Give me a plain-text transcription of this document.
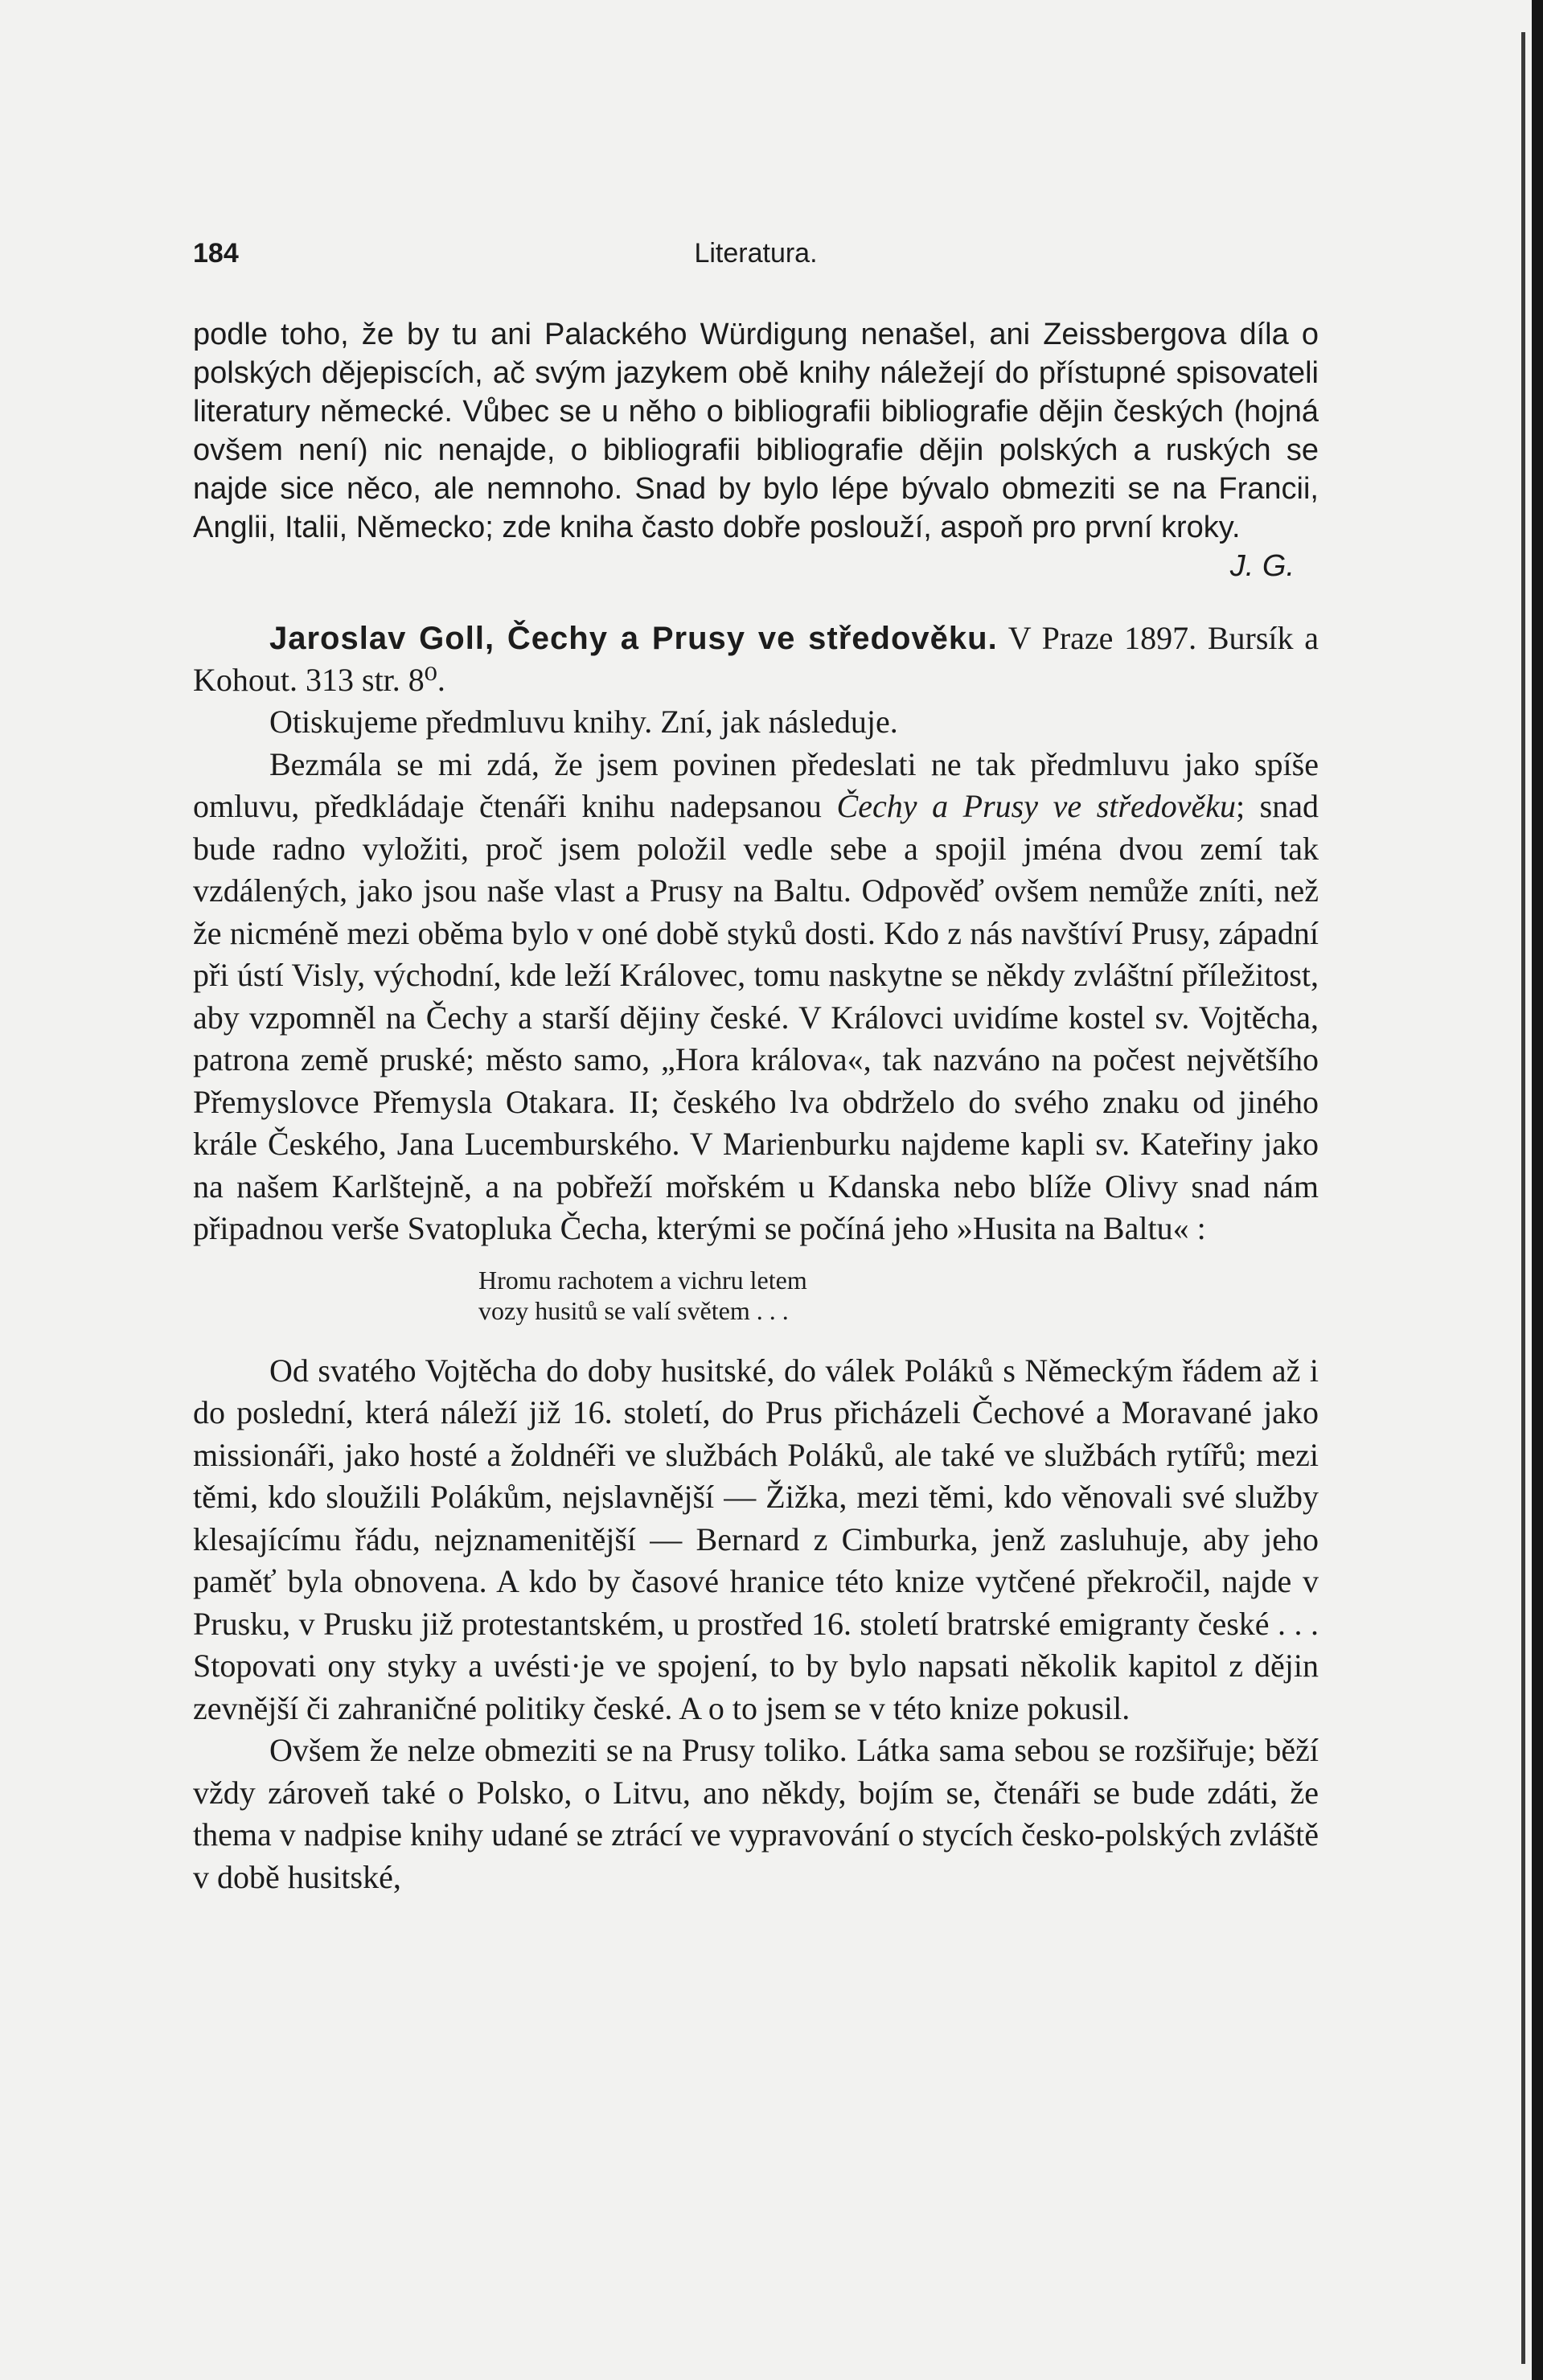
184	Literatura.

podle toho, že by tu ani Palackého Würdigung nenašel, ani Zeissbergova díla o polských dějepiscích, ač svým jazykem obě knihy náležejí do přístupné spisovateli literatury německé. Vůbec se u něho o bibliografii bibliografie dějin českých (hojná ovšem není) nic nenajde, o bibliografii bibliografie dějin polských a ruských se najde sice něco, ale nemnoho. Snad by bylo lépe bývalo obmeziti se na Francii, Anglii, Italii, Německo; zde kniha často dobře poslouží, aspoň pro první kroky.
J. G.

Jaroslav Goll, Čechy a Prusy ve středověku. V Praze 1897. Bursík a Kohout. 313 str. 8⁰.

Otiskujeme předmluvu knihy. Zní, jak následuje.

Bezmála se mi zdá, že jsem povinen předeslati ne tak předmluvu jako spíše omluvu, předkládaje čtenáři knihu nadepsanou Čechy a Prusy ve středověku; snad bude radno vyložiti, proč jsem položil vedle sebe a spojil jména dvou zemí tak vzdálených, jako jsou naše vlast a Prusy na Baltu. Odpověď ovšem nemůže zníti, než že nicméně mezi oběma bylo v oné době styků dosti. Kdo z nás navštíví Prusy, západní při ústí Visly, východní, kde leží Královec, tomu naskytne se někdy zvláštní příležitost, aby vzpomněl na Čechy a starší dějiny české. V Královci uvidíme kostel sv. Vojtěcha, patrona země pruské; město samo, „Hora králova«, tak nazváno na počest největšího Přemyslovce Přemysla Otakara. II; českého lva obdrželo do svého znaku od jiného krále Českého, Jana Lucemburského. V Marienburku najdeme kapli sv. Kateřiny jako na našem Karlštejně, a na pobřeží mořském u Kdanska nebo blíže Olivy snad nám připadnou verše Svatopluka Čecha, kterými se počíná jeho »Husita na Baltu« :

Hromu rachotem a vichru letem
vozy husitů se valí světem . . .

Od svatého Vojtěcha do doby husitské, do válek Poláků s Německým řádem až i do poslední, která náleží již 16. století, do Prus přicházeli Čechové a Moravané jako missionáři, jako hosté a žoldnéři ve službách Poláků, ale také ve službách rytířů; mezi těmi, kdo sloužili Polákům, nejslavnější — Žižka, mezi těmi, kdo věnovali své služby klesajícímu řádu, nejznamenitější — Bernard z Cimburka, jenž zasluhuje, aby jeho paměť byla obnovena. A kdo by časové hranice této knize vytčené překročil, najde v Prusku, v Prusku již protestantském, u prostřed 16. století bratrské emigranty české . . . Stopovati ony styky a uvésti·je ve spojení, to by bylo napsati několik kapitol z dějin zevnější či zahraničné politiky české. A o to jsem se v této knize pokusil.

Ovšem že nelze obmeziti se na Prusy toliko. Látka sama sebou se rozšiřuje; běží vždy zároveň také o Polsko, o Litvu, ano někdy, bojím se, čtenáři se bude zdáti, že thema v nadpise knihy udané se ztrácí ve vypravování o stycích česko-polských zvláště v době husitské,
